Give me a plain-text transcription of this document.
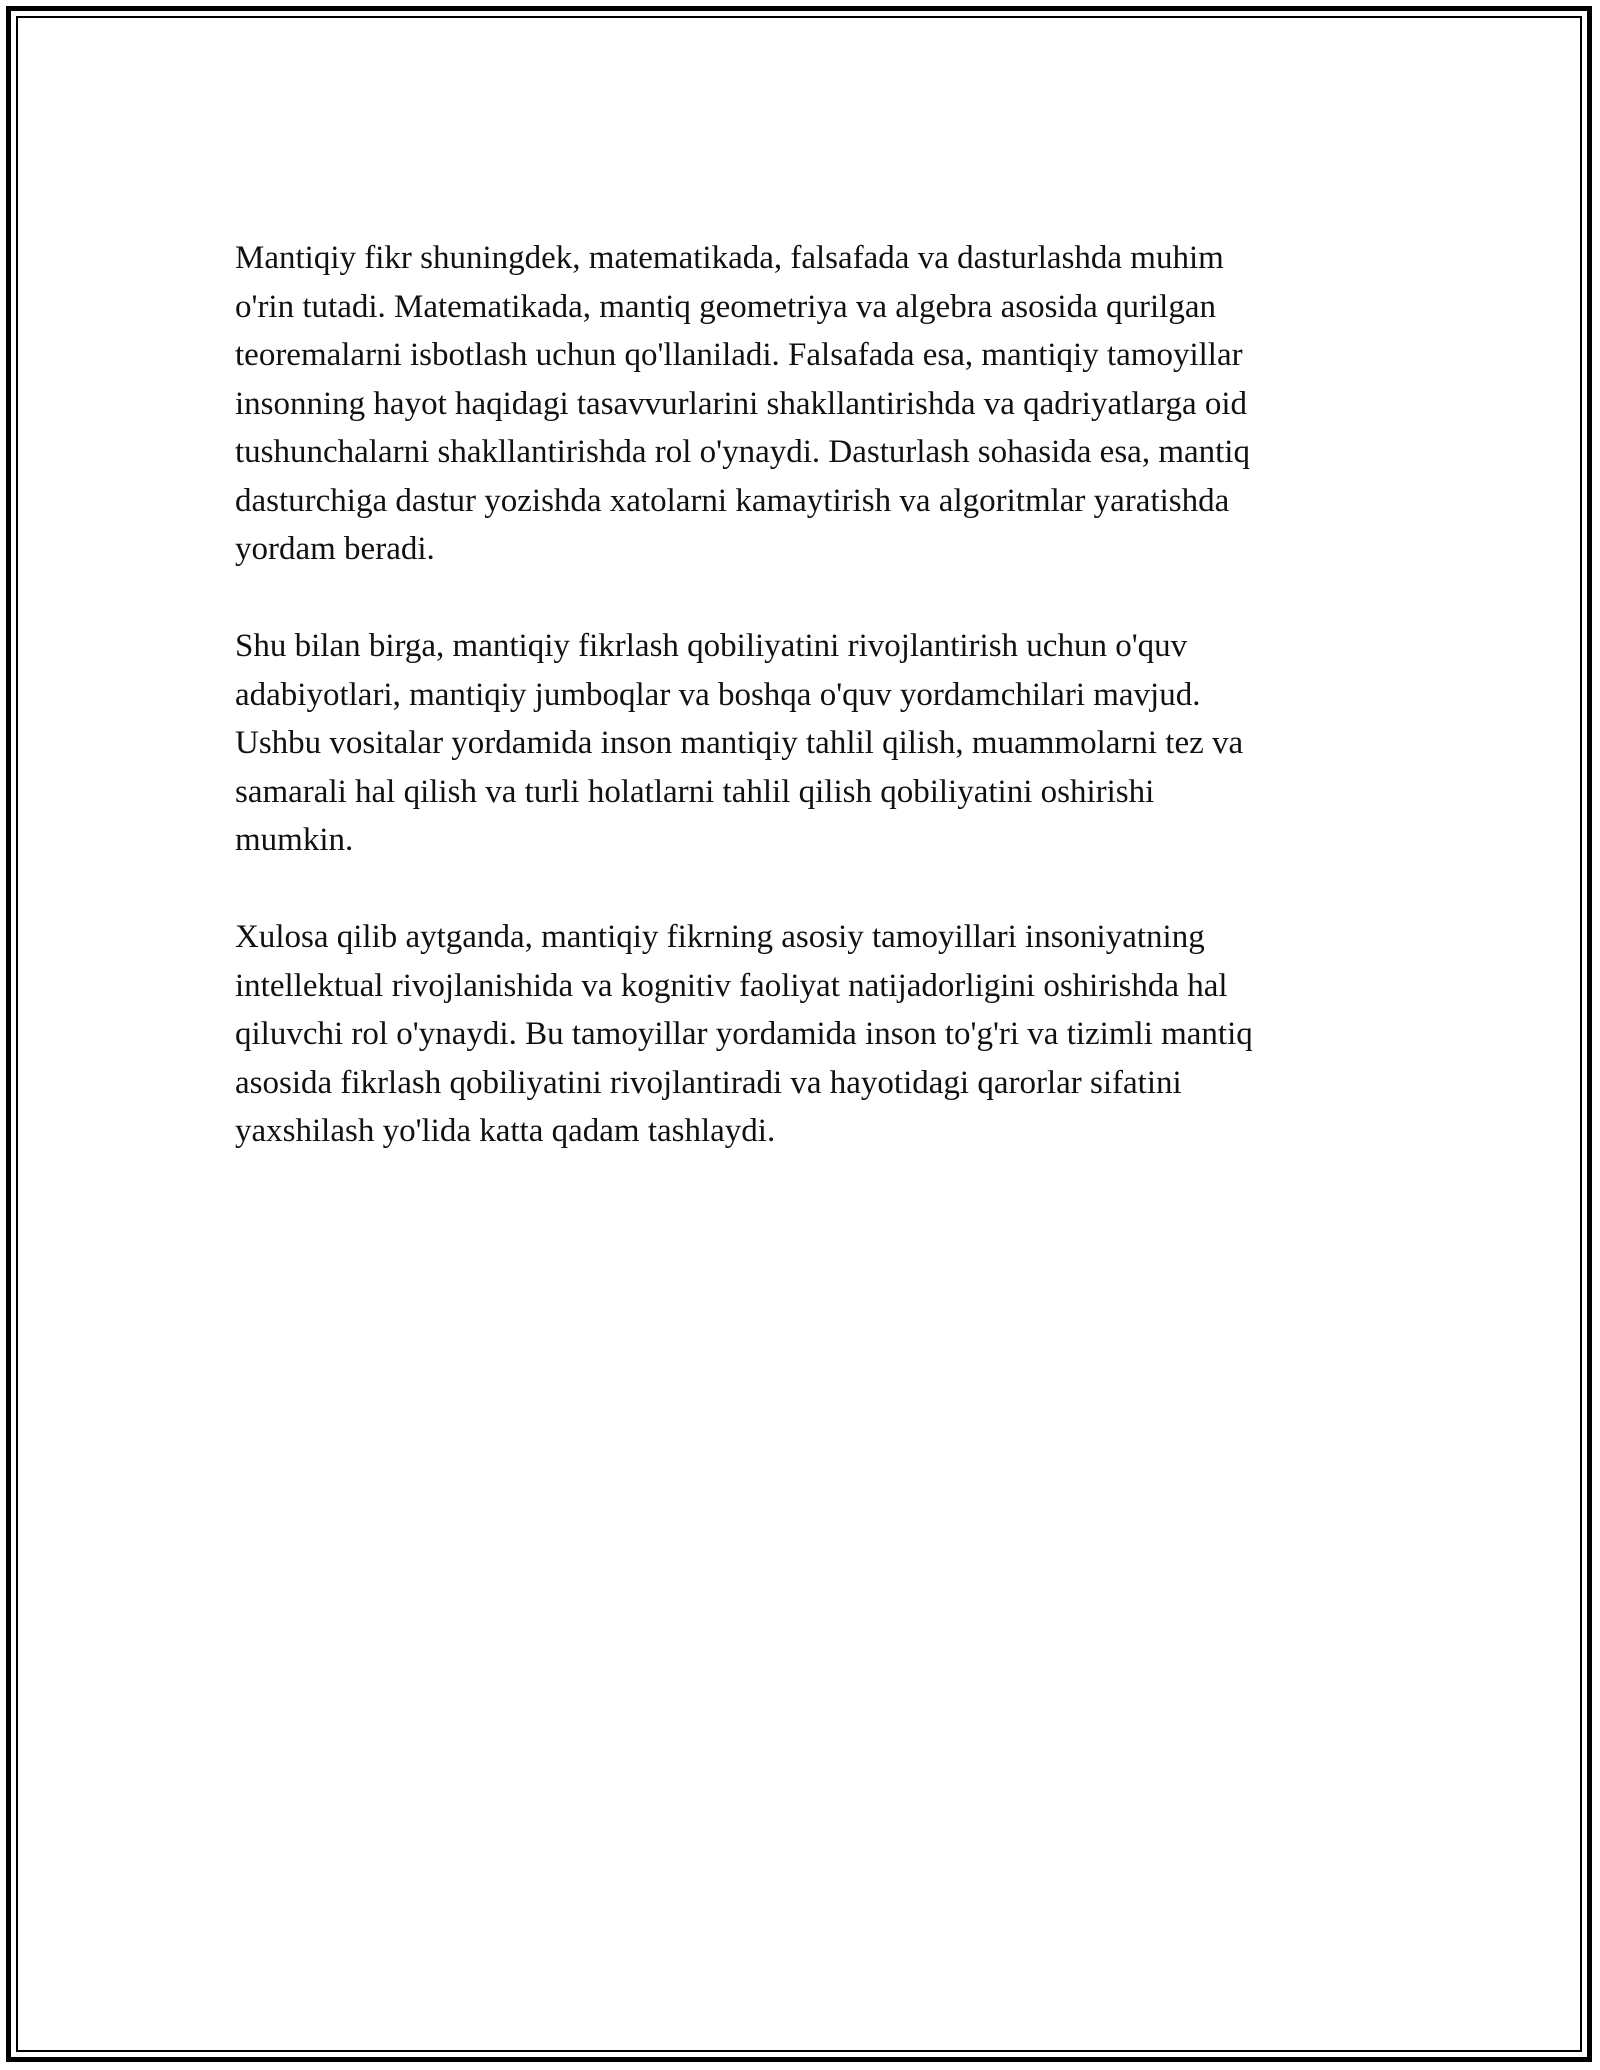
Mantiqiy fikr shuningdek, matematikada, falsafada va dasturlashda muhim
o'rin tutadi. Matematikada, mantiq geometriya va algebra asosida qurilgan
teoremalarni isbotlash uchun qo'llaniladi. Falsafada esa, mantiqiy tamoyillar
insonning hayot haqidagi tasavvurlarini shakllantirishda va qadriyatlarga oid
tushunchalarni shakllantirishda rol o'ynaydi. Dasturlash sohasida esa, mantiq
dasturchiga dastur yozishda xatolarni kamaytirish va algoritmlar yaratishda
yordam beradi.

Shu bilan birga, mantiqiy fikrlash qobiliyatini rivojlantirish uchun o'quv
adabiyotlari, mantiqiy jumboqlar va boshqa o'quv yordamchilari mavjud.
Ushbu vositalar yordamida inson mantiqiy tahlil qilish, muammolarni tez va
samarali hal qilish va turli holatlarni tahlil qilish qobiliyatini oshirishi
mumkin.

Xulosa qilib aytganda, mantiqiy fikrning asosiy tamoyillari insoniyatning
intellektual rivojlanishida va kognitiv faoliyat natijadorligini oshirishda hal
qiluvchi rol o'ynaydi. Bu tamoyillar yordamida inson to'g'ri va tizimli mantiq
asosida fikrlash qobiliyatini rivojlantiradi va hayotidagi qarorlar sifatini
yaxshilash yo'lida katta qadam tashlaydi.
